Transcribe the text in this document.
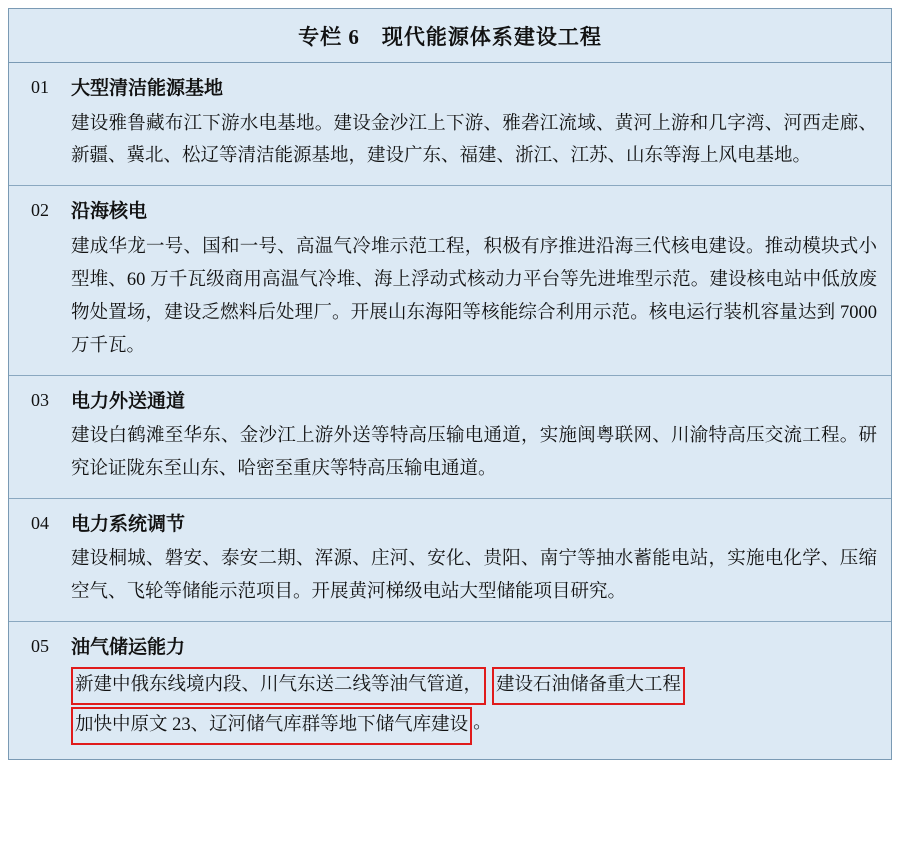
专栏 6 现代能源体系建设工程
01	大型清洁能源基地
建设雅鲁藏布江下游水电基地。建设金沙江上下游、雅砻江流域、黄河上游和几字湾、河西走廊、新疆、冀北、松辽等清洁能源基地，建设广东、福建、浙江、江苏、山东等海上风电基地。
02	沿海核电
建成华龙一号、国和一号、高温气冷堆示范工程，积极有序推进沿海三代核电建设。推动模块式小型堆、60 万千瓦级商用高温气冷堆、海上浮动式核动力平台等先进堆型示范。建设核电站中低放废物处置场，建设乏燃料后处理厂。开展山东海阳等核能综合利用示范。核电运行装机容量达到 7000 万千瓦。
03	电力外送通道
建设白鹤滩至华东、金沙江上游外送等特高压输电通道，实施闽粤联网、川渝特高压交流工程。研究论证陇东至山东、哈密至重庆等特高压输电通道。
04	电力系统调节
建设桐城、磐安、泰安二期、浑源、庄河、安化、贵阳、南宁等抽水蓄能电站，实施电化学、压缩空气、飞轮等储能示范项目。开展黄河梯级电站大型储能项目研究。
05	油气储运能力
新建中俄东线境内段、川气东送二线等油气管道， 建设石油储备重大工程
加快中原文 23、辽河储气库群等地下储气库建设 。
